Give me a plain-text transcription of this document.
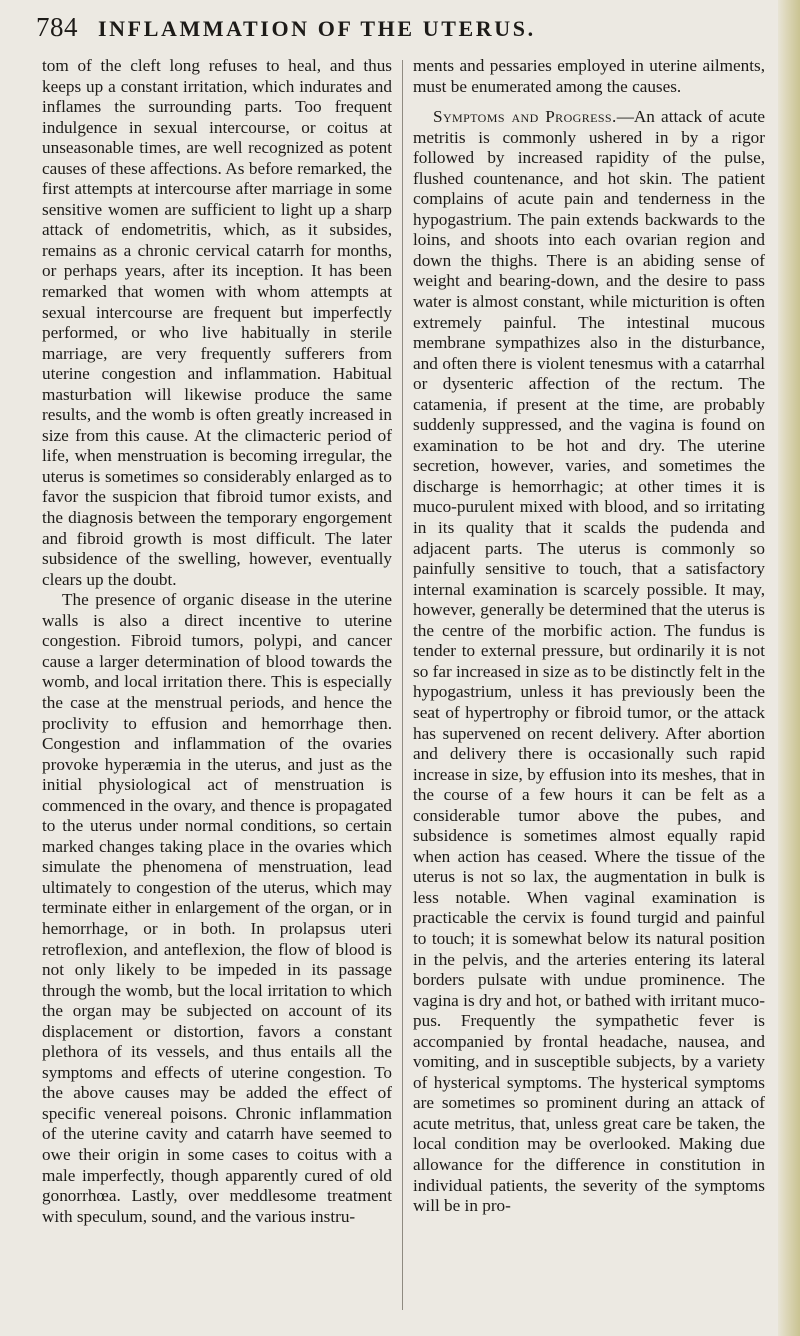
784 INFLAMMATION OF THE UTERUS.

tom of the cleft long refuses to heal, and thus keeps up a constant irritation, which indurates and inflames the surrounding parts. Too frequent indulgence in sexual intercourse, or coitus at unseasonable times, are well recognized as potent causes of these affections. As before remarked, the first attempts at intercourse after marriage in some sensitive women are sufficient to light up a sharp attack of endometritis, which, as it subsides, remains as a chronic cervical catarrh for months, or perhaps years, after its inception. It has been remarked that women with whom attempts at sexual intercourse are frequent but imperfectly performed, or who live habitually in sterile marriage, are very frequently sufferers from uterine congestion and inflammation. Habitual masturbation will likewise produce the same results, and the womb is often greatly increased in size from this cause. At the climacteric period of life, when menstruation is becoming irregular, the uterus is sometimes so considerably enlarged as to favor the suspicion that fibroid tumor exists, and the diagnosis between the temporary engorgement and fibroid growth is most difficult. The later subsidence of the swelling, however, eventually clears up the doubt.

The presence of organic disease in the uterine walls is also a direct incentive to uterine congestion. Fibroid tumors, polypi, and cancer cause a larger determination of blood towards the womb, and local irritation there. This is especially the case at the menstrual periods, and hence the proclivity to effusion and hemorrhage then. Congestion and inflammation of the ovaries provoke hyperæmia in the uterus, and just as the initial physiological act of menstruation is commenced in the ovary, and thence is propagated to the uterus under normal conditions, so certain marked changes taking place in the ovaries which simulate the phenomena of menstruation, lead ultimately to congestion of the uterus, which may terminate either in enlargement of the organ, or in hemorrhage, or in both. In prolapsus uteri retroflexion, and anteflexion, the flow of blood is not only likely to be impeded in its passage through the womb, but the local irritation to which the organ may be subjected on account of its displacement or distortion, favors a constant plethora of its vessels, and thus entails all the symptoms and effects of uterine congestion. To the above causes may be added the effect of specific venereal poisons. Chronic inflammation of the uterine cavity and catarrh have seemed to owe their origin in some cases to coitus with a male imperfectly, though apparently cured of old gonorrhœa. Lastly, over meddlesome treatment with speculum, sound, and the various instru-

ments and pessaries employed in uterine ailments, must be enumerated among the causes.

Symptoms and Progress.—An attack of acute metritis is commonly ushered in by a rigor followed by increased rapidity of the pulse, flushed countenance, and hot skin. The patient complains of acute pain and tenderness in the hypogastrium. The pain extends backwards to the loins, and shoots into each ovarian region and down the thighs. There is an abiding sense of weight and bearing-down, and the desire to pass water is almost constant, while micturition is often extremely painful. The intestinal mucous membrane sympathizes also in the disturbance, and often there is violent tenesmus with a catarrhal or dysenteric affection of the rectum. The catamenia, if present at the time, are probably suddenly suppressed, and the vagina is found on examination to be hot and dry. The uterine secretion, however, varies, and sometimes the discharge is hemorrhagic; at other times it is muco-purulent mixed with blood, and so irritating in its quality that it scalds the pudenda and adjacent parts. The uterus is commonly so painfully sensitive to touch, that a satisfactory internal examination is scarcely possible. It may, however, generally be determined that the uterus is the centre of the morbific action. The fundus is tender to external pressure, but ordinarily it is not so far increased in size as to be distinctly felt in the hypogastrium, unless it has previously been the seat of hypertrophy or fibroid tumor, or the attack has supervened on recent delivery. After abortion and delivery there is occasionally such rapid increase in size, by effusion into its meshes, that in the course of a few hours it can be felt as a considerable tumor above the pubes, and subsidence is sometimes almost equally rapid when action has ceased. Where the tissue of the uterus is not so lax, the augmentation in bulk is less notable. When vaginal examination is practicable the cervix is found turgid and painful to touch; it is somewhat below its natural position in the pelvis, and the arteries entering its lateral borders pulsate with undue prominence. The vagina is dry and hot, or bathed with irritant muco-pus. Frequently the sympathetic fever is accompanied by frontal headache, nausea, and vomiting, and in susceptible subjects, by a variety of hysterical symptoms. The hysterical symptoms are sometimes so prominent during an attack of acute metritus, that, unless great care be taken, the local condition may be overlooked. Making due allowance for the difference in constitution in individual patients, the severity of the symptoms will be in pro-
